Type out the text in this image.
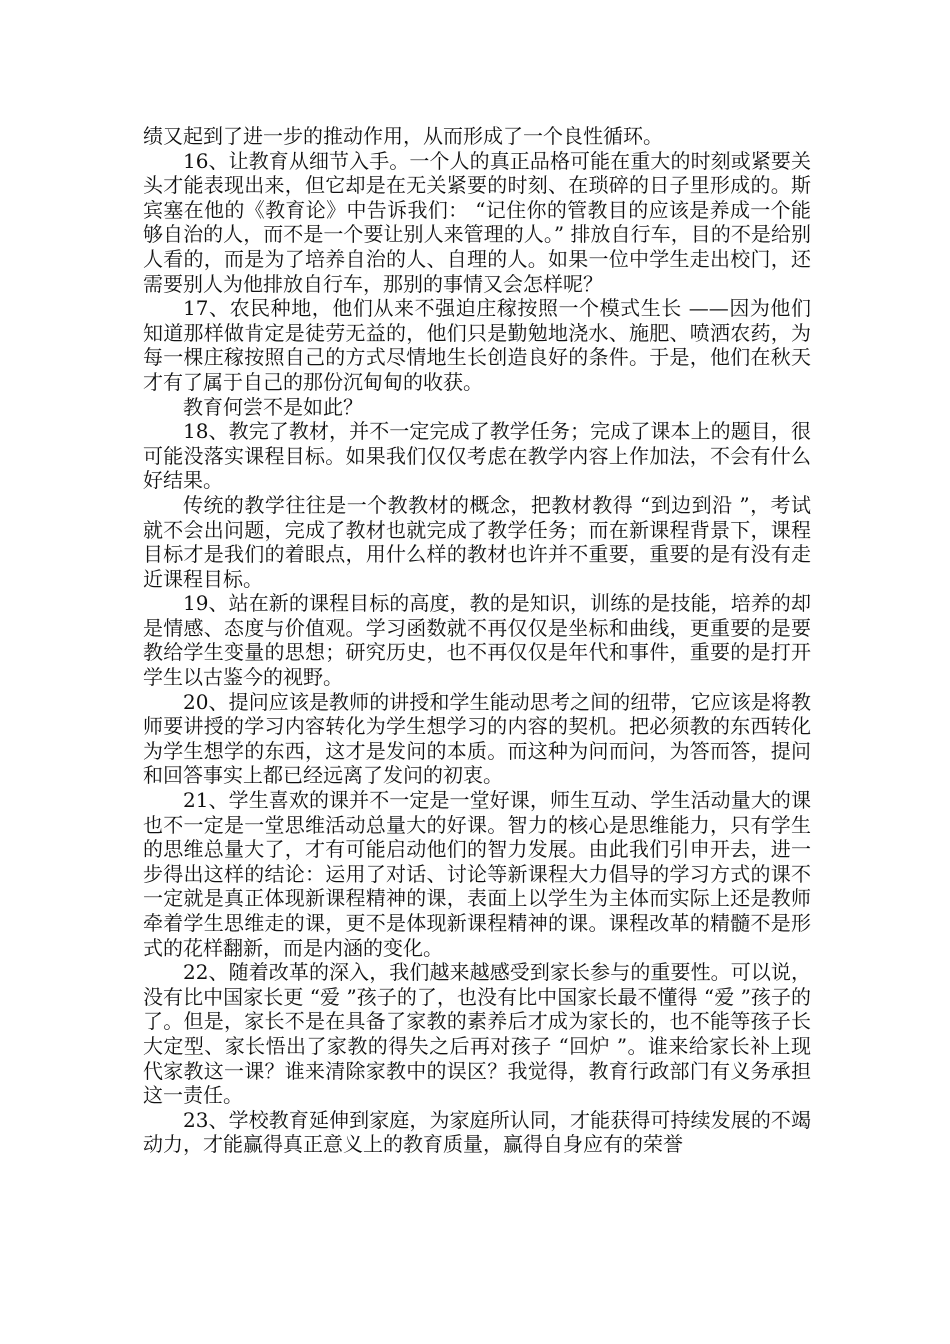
绩又起到了进一步的推动作用，从而形成了一个良性循环。

16、让教育从细节入手。一个人的真正品格可能在重大的时刻或紧要关头才能表现出来，但它却是在无关紧要的时刻、在琐碎的日子里形成的。斯宾塞在他的《教育论》中告诉我们： “记住你的管教目的应该是养成一个能够自治的人，而不是一个要让别人来管理的人。” 排放自行车，目的不是给别人看的，而是为了培养自治的人、自理的人。如果一位中学生走出校门，还需要别人为他排放自行车，那别的事情又会怎样呢？

17、农民种地，他们从来不强迫庄稼按照一个模式生长 ——因为他们知道那样做肯定是徒劳无益的，他们只是勤勉地浇水、施肥、喷洒农药，为每一棵庄稼按照自己的方式尽情地生长创造良好的条件。于是，他们在秋天才有了属于自己的那份沉甸甸的收获。

教育何尝不是如此？

18、教完了教材，并不一定完成了教学任务；完成了课本上的题目，很可能没落实课程目标。如果我们仅仅考虑在教学内容上作加法，不会有什么好结果。

传统的教学往往是一个教教材的概念，把教材教得 “到边到沿 ”，考试就不会出问题，完成了教材也就完成了教学任务；而在新课程背景下，课程目标才是我们的着眼点，用什么样的教材也许并不重要，重要的是有没有走近课程目标。

19、站在新的课程目标的高度，教的是知识，训练的是技能，培养的却是情感、态度与价值观。学习函数就不再仅仅是坐标和曲线，更重要的是要教给学生变量的思想；研究历史，也不再仅仅是年代和事件，重要的是打开学生以古鉴今的视野。

20、提问应该是教师的讲授和学生能动思考之间的纽带，它应该是将教师要讲授的学习内容转化为学生想学习的内容的契机。把必须教的东西转化为学生想学的东西，这才是发问的本质。而这种为问而问，为答而答，提问和回答事实上都已经远离了发问的初衷。

21、学生喜欢的课并不一定是一堂好课，师生互动、学生活动量大的课也不一定是一堂思维活动总量大的好课。智力的核心是思维能力，只有学生的思维总量大了，才有可能启动他们的智力发展。由此我们引申开去，进一步得出这样的结论：运用了对话、讨论等新课程大力倡导的学习方式的课不一定就是真正体现新课程精神的课，表面上以学生为主体而实际上还是教师牵着学生思维走的课，更不是体现新课程精神的课。课程改革的精髓不是形式的花样翻新，而是内涵的变化。

22、随着改革的深入，我们越来越感受到家长参与的重要性。可以说，没有比中国家长更 “爱 ”孩子的了，也没有比中国家长最不懂得 “爱 ”孩子的了。但是，家长不是在具备了家教的素养后才成为家长的，也不能等孩子长大定型、家长悟出了家教的得失之后再对孩子 “回炉 ”。谁来给家长补上现代家教这一课？谁来清除家教中的误区？我觉得，教育行政部门有义务承担这一责任。

23、学校教育延伸到家庭，为家庭所认同，才能获得可持续发展的不竭动力，才能赢得真正意义上的教育质量，赢得自身应有的荣誉
